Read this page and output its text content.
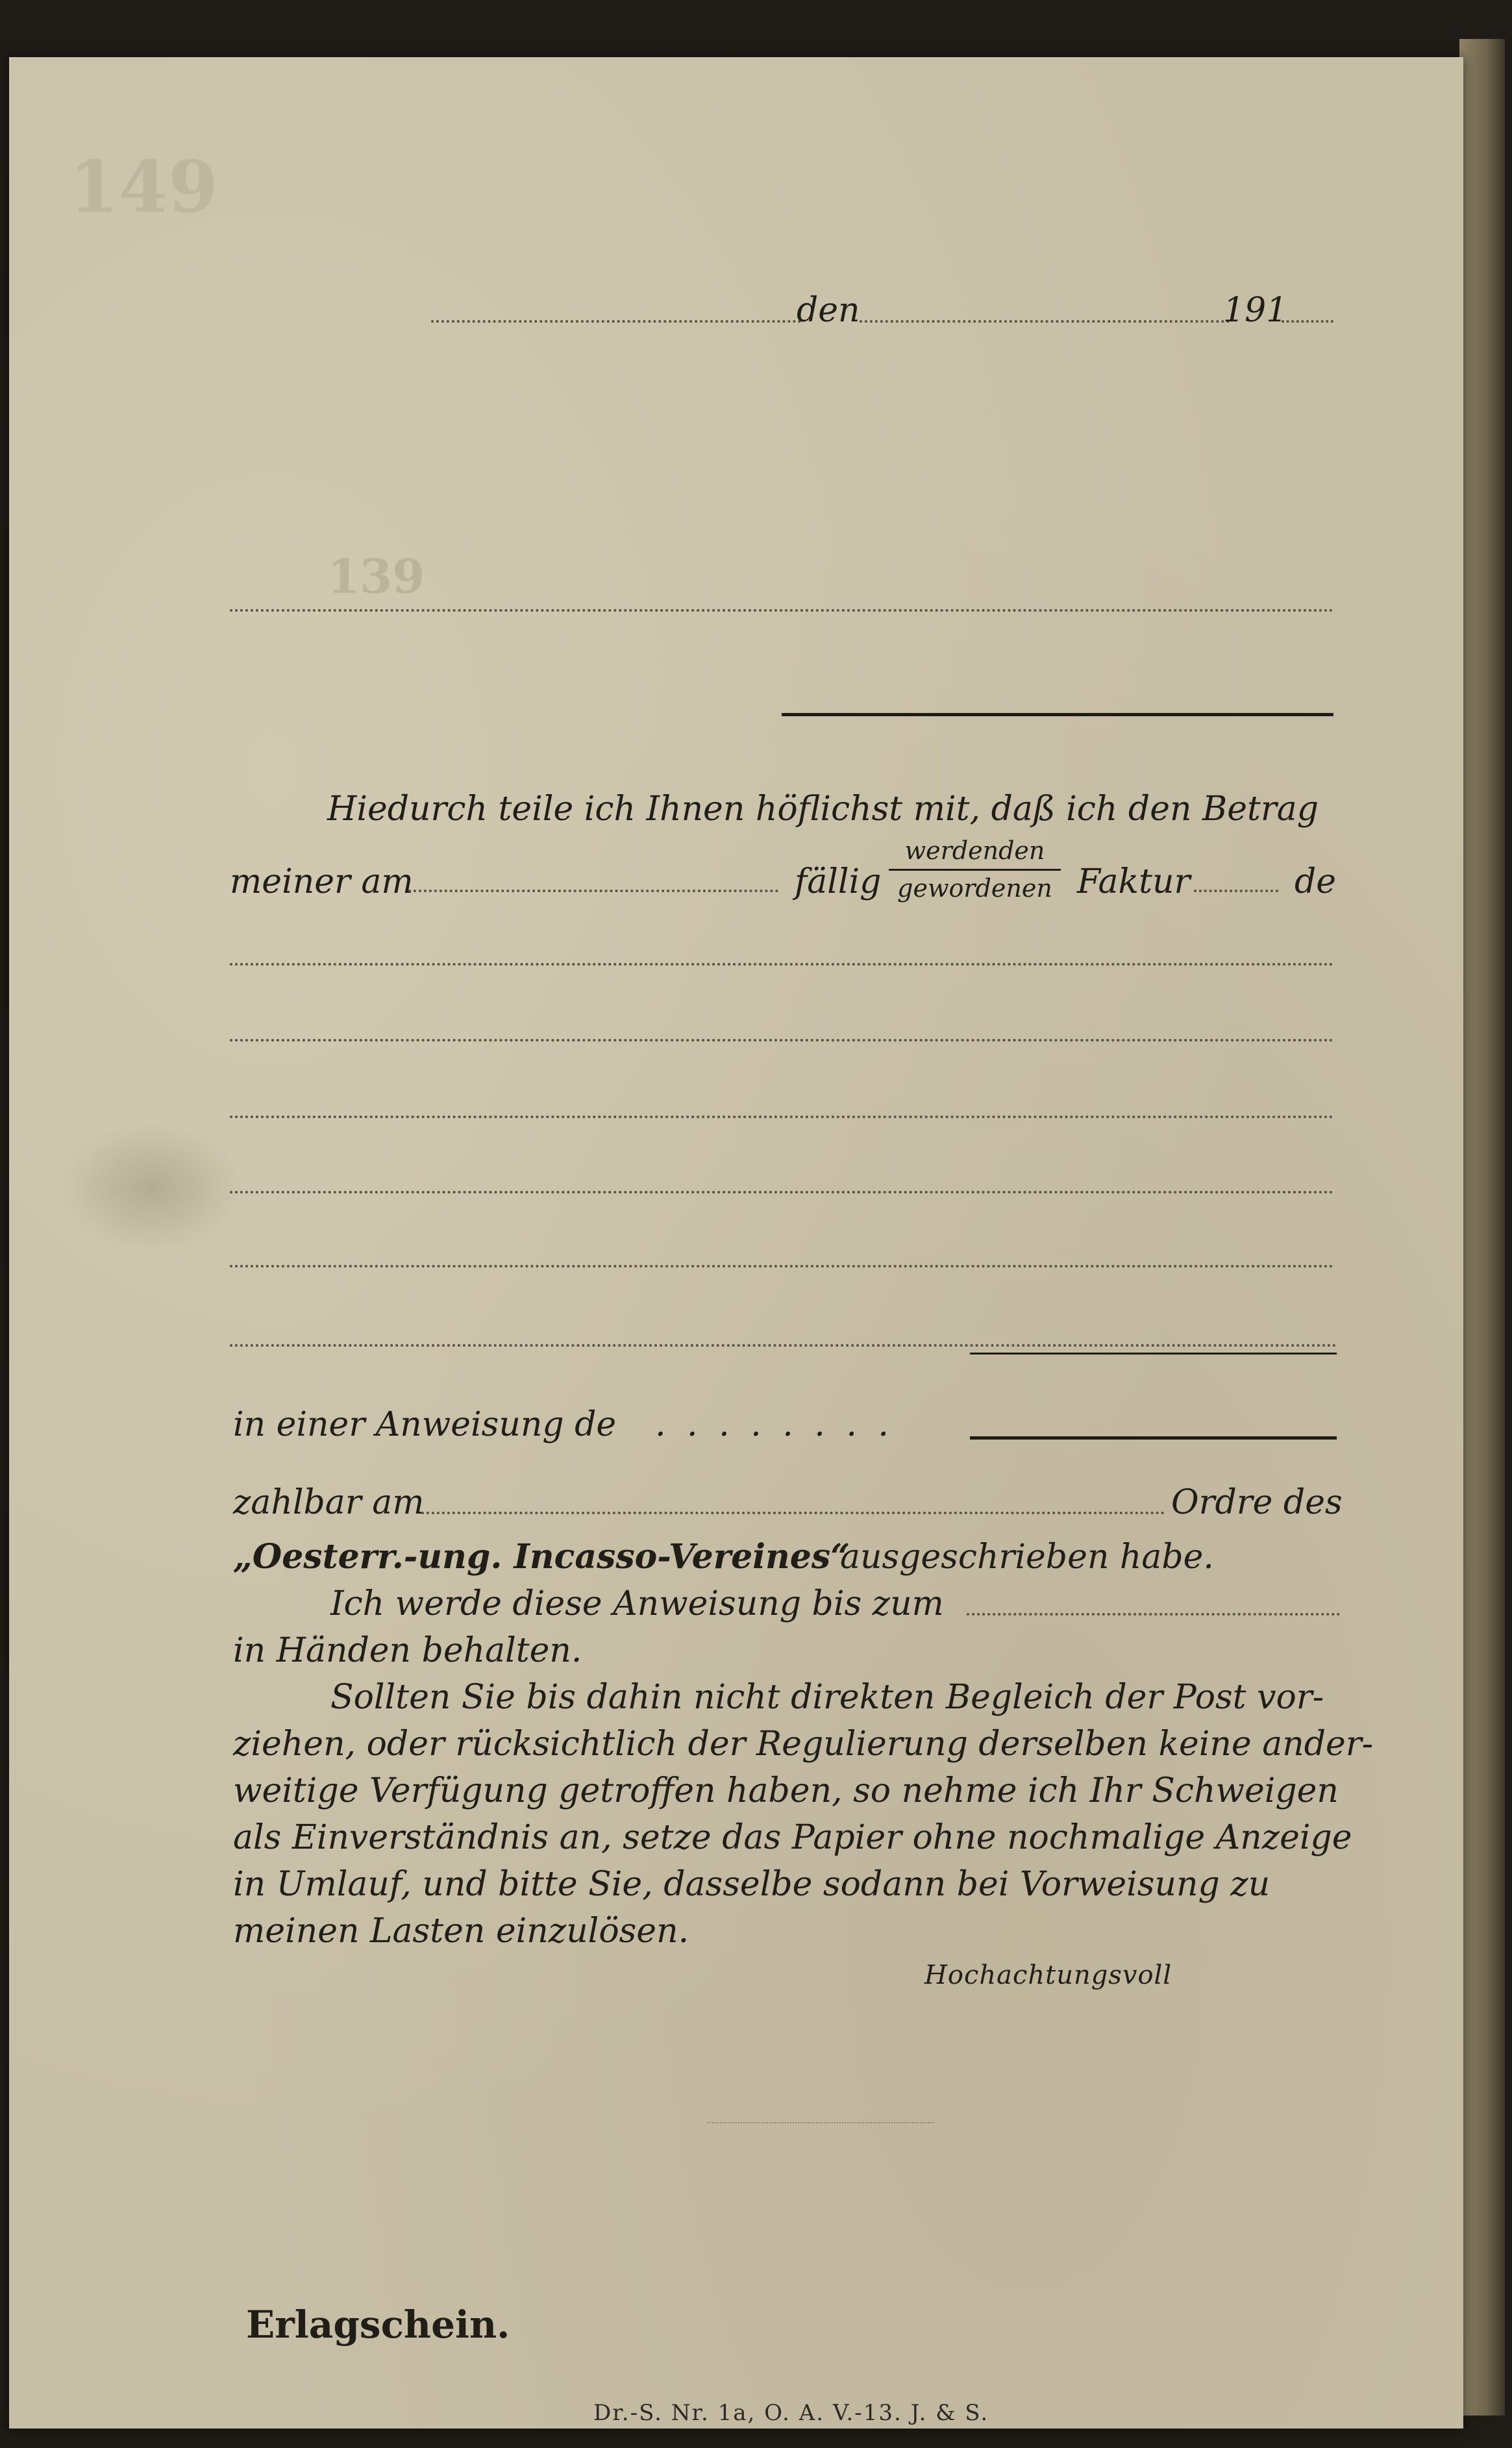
149
139

den	191

Hiedurch teile ich Ihnen höflichst mit, daß ich den Betrag

meiner am	fällig

werdenden
gewordenen Faktur	de

in einer Anweisung de . . . . . . . .

zahlbar am	Ordre des

„Oesterr.-ung. Incasso-Vereines“

ausgeschrieben habe.

Ich werde diese Anweisung bis zum

in Händen behalten.

Sollten Sie bis dahin nicht direkten Begleich der Post vor-

ziehen, oder rücksichtlich der Regulierung derselben keine ander-

weitige Verfügung getroffen haben, so nehme ich Ihr Schweigen

als Einverständnis an, setze das Papier ohne nochmalige Anzeige

in Umlauf, und bitte Sie, dasselbe sodann bei Vorweisung zu

meinen Lasten einzulösen.

Hochachtungsvoll

Erlagschein.

Dr.-S. Nr. 1a, O. A. V.-13. J. & S.
